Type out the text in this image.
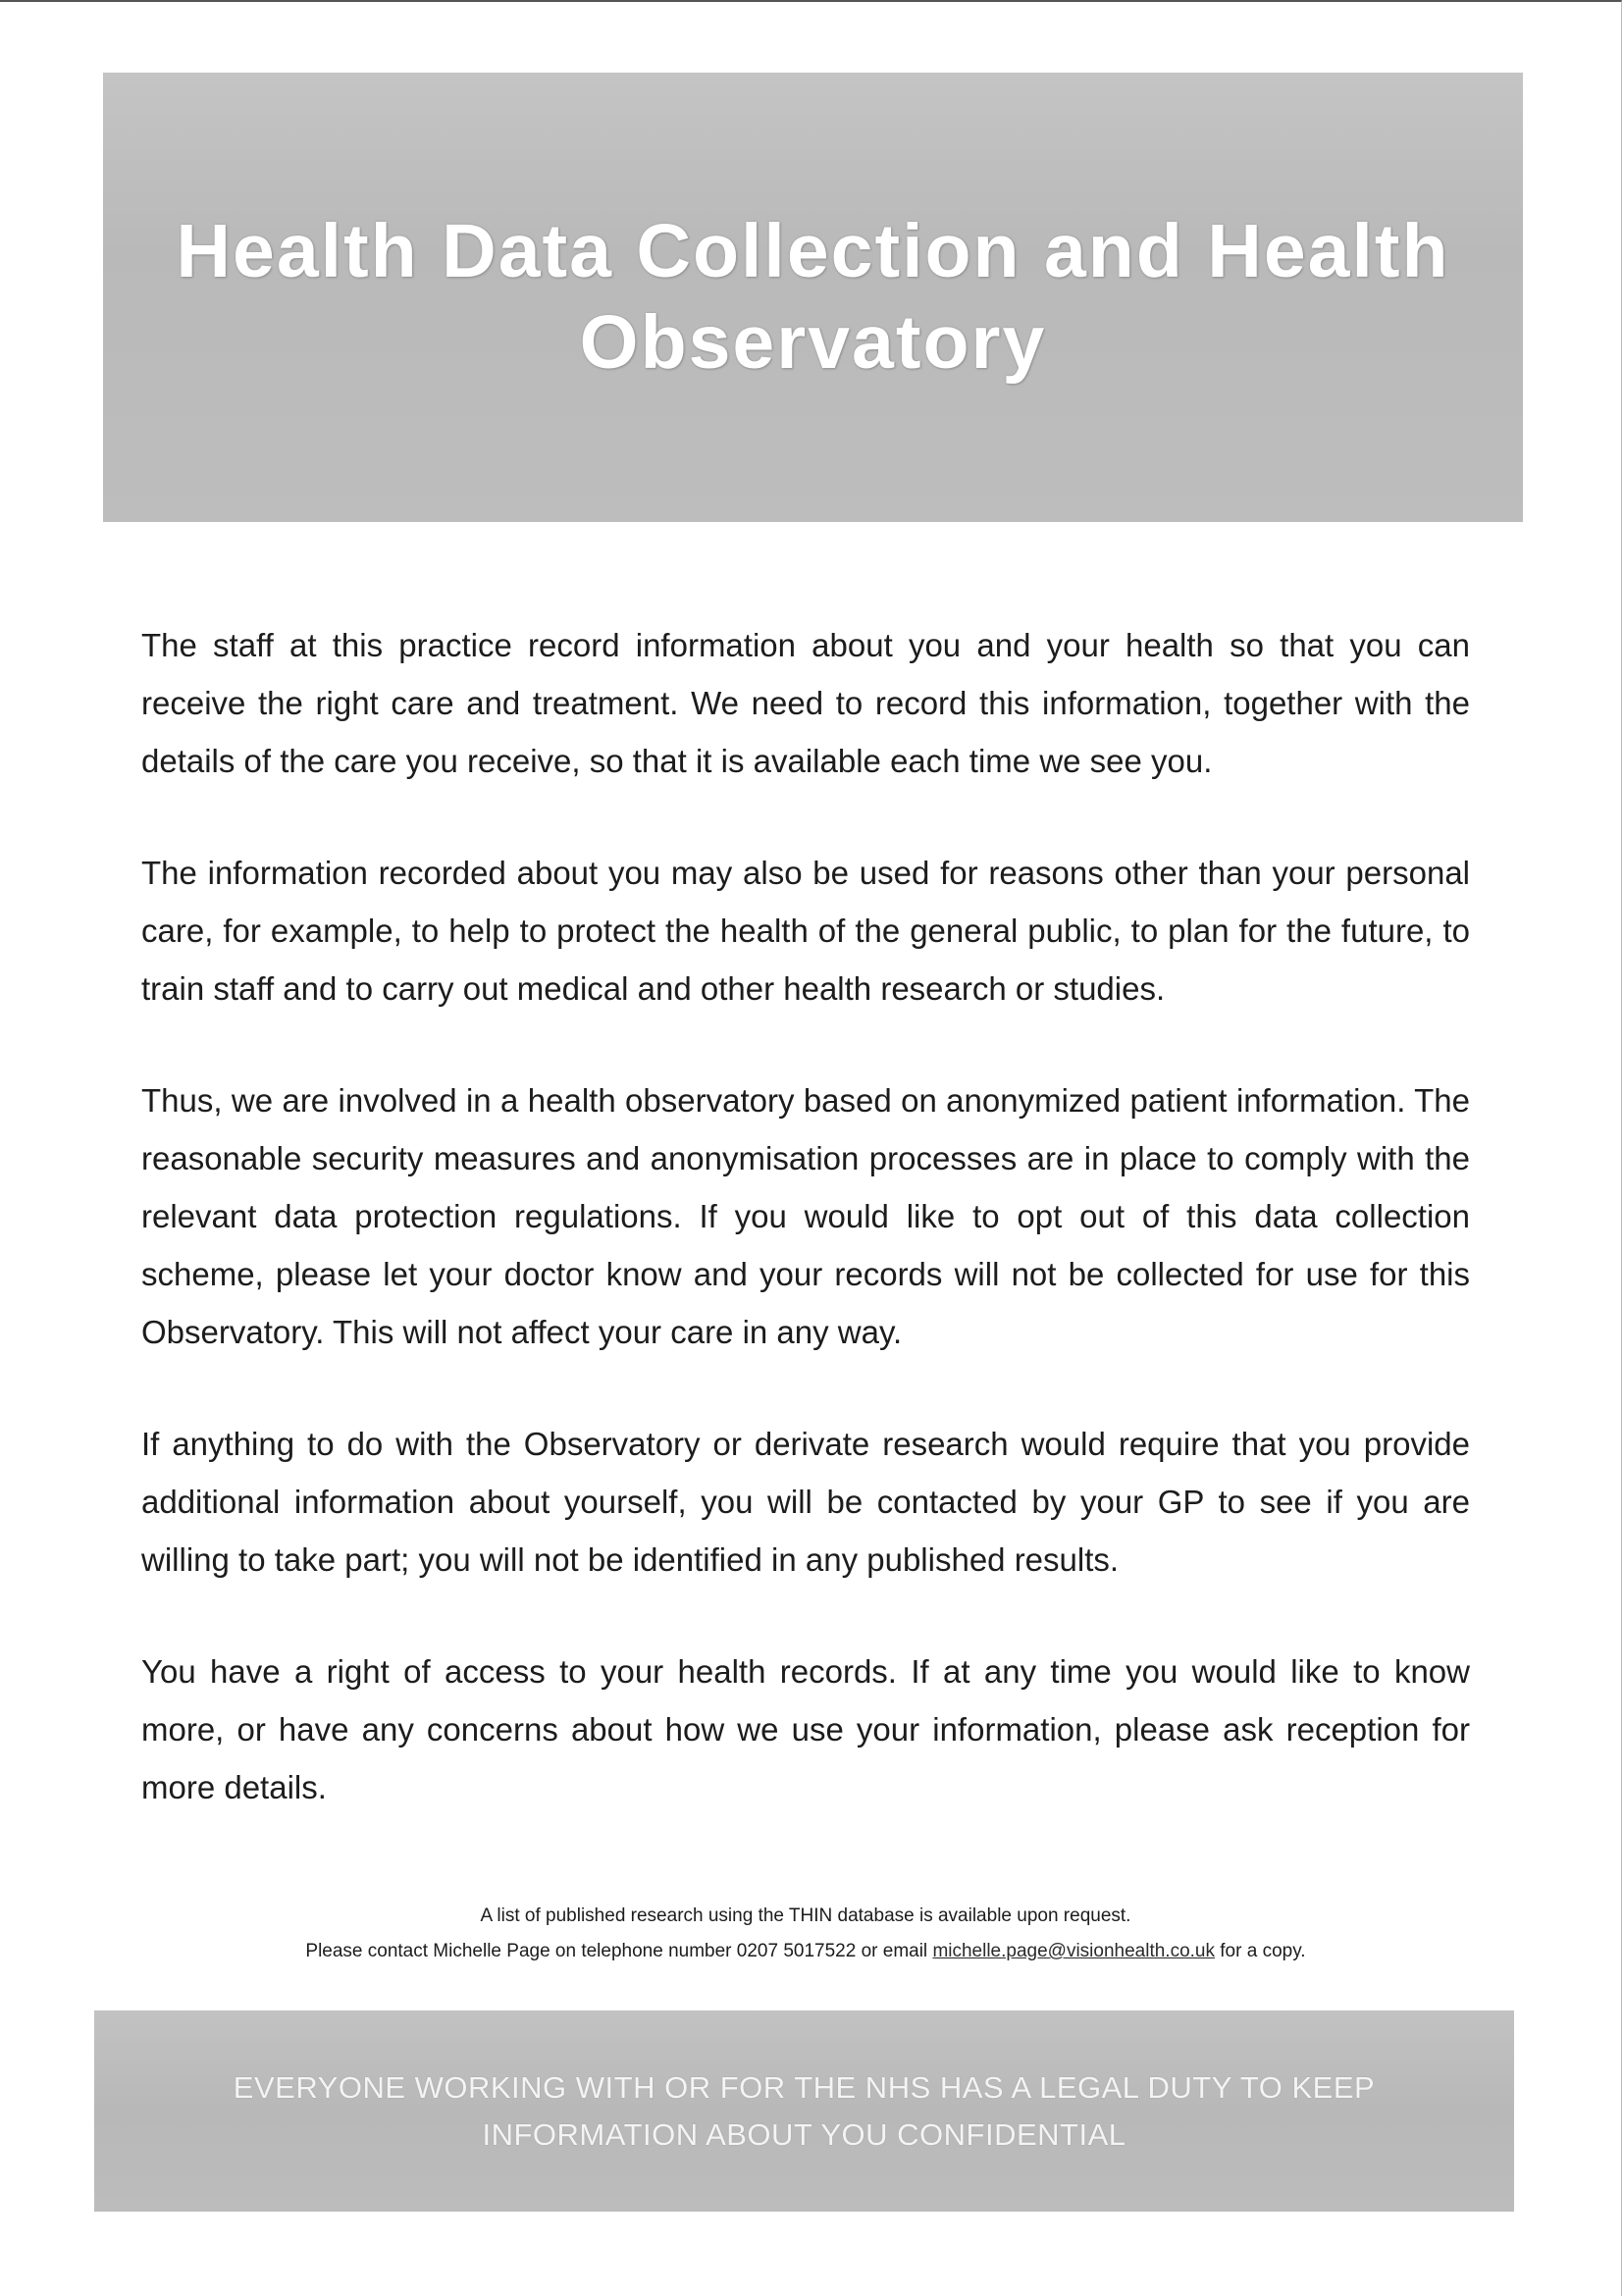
Health Data Collection and Health Observatory

The staff at this practice record information about you and your health so that you can receive the right care and treatment. We need to record this information, together with the details of the care you receive, so that it is available each time we see you.

The information recorded about you may also be used for reasons other than your personal care, for example, to help to protect the health of the general public, to plan for the future, to train staff and to carry out medical and other health research or studies.

Thus, we are involved in a health observatory based on anonymized patient information. The reasonable security measures and anonymisation processes are in place to comply with the relevant data protection regulations. If you would like to opt out of this data collection scheme, please let your doctor know and your records will not be collected for use for this Observatory. This will not affect your care in any way.

If anything to do with the Observatory or derivate research would require that you provide additional information about yourself, you will be contacted by your GP to see if you are willing to take part; you will not be identified in any published results.

You have a right of access to your health records. If at any time you would like to know more, or have any concerns about how we use your information, please ask reception for more details.

A list of published research using the THIN database is available upon request.
Please contact Michelle Page on telephone number 0207 5017522 or email michelle.page@visionhealth.co.uk for a copy.

EVERYONE WORKING WITH OR FOR THE NHS HAS A LEGAL DUTY TO KEEP INFORMATION ABOUT YOU CONFIDENTIAL
